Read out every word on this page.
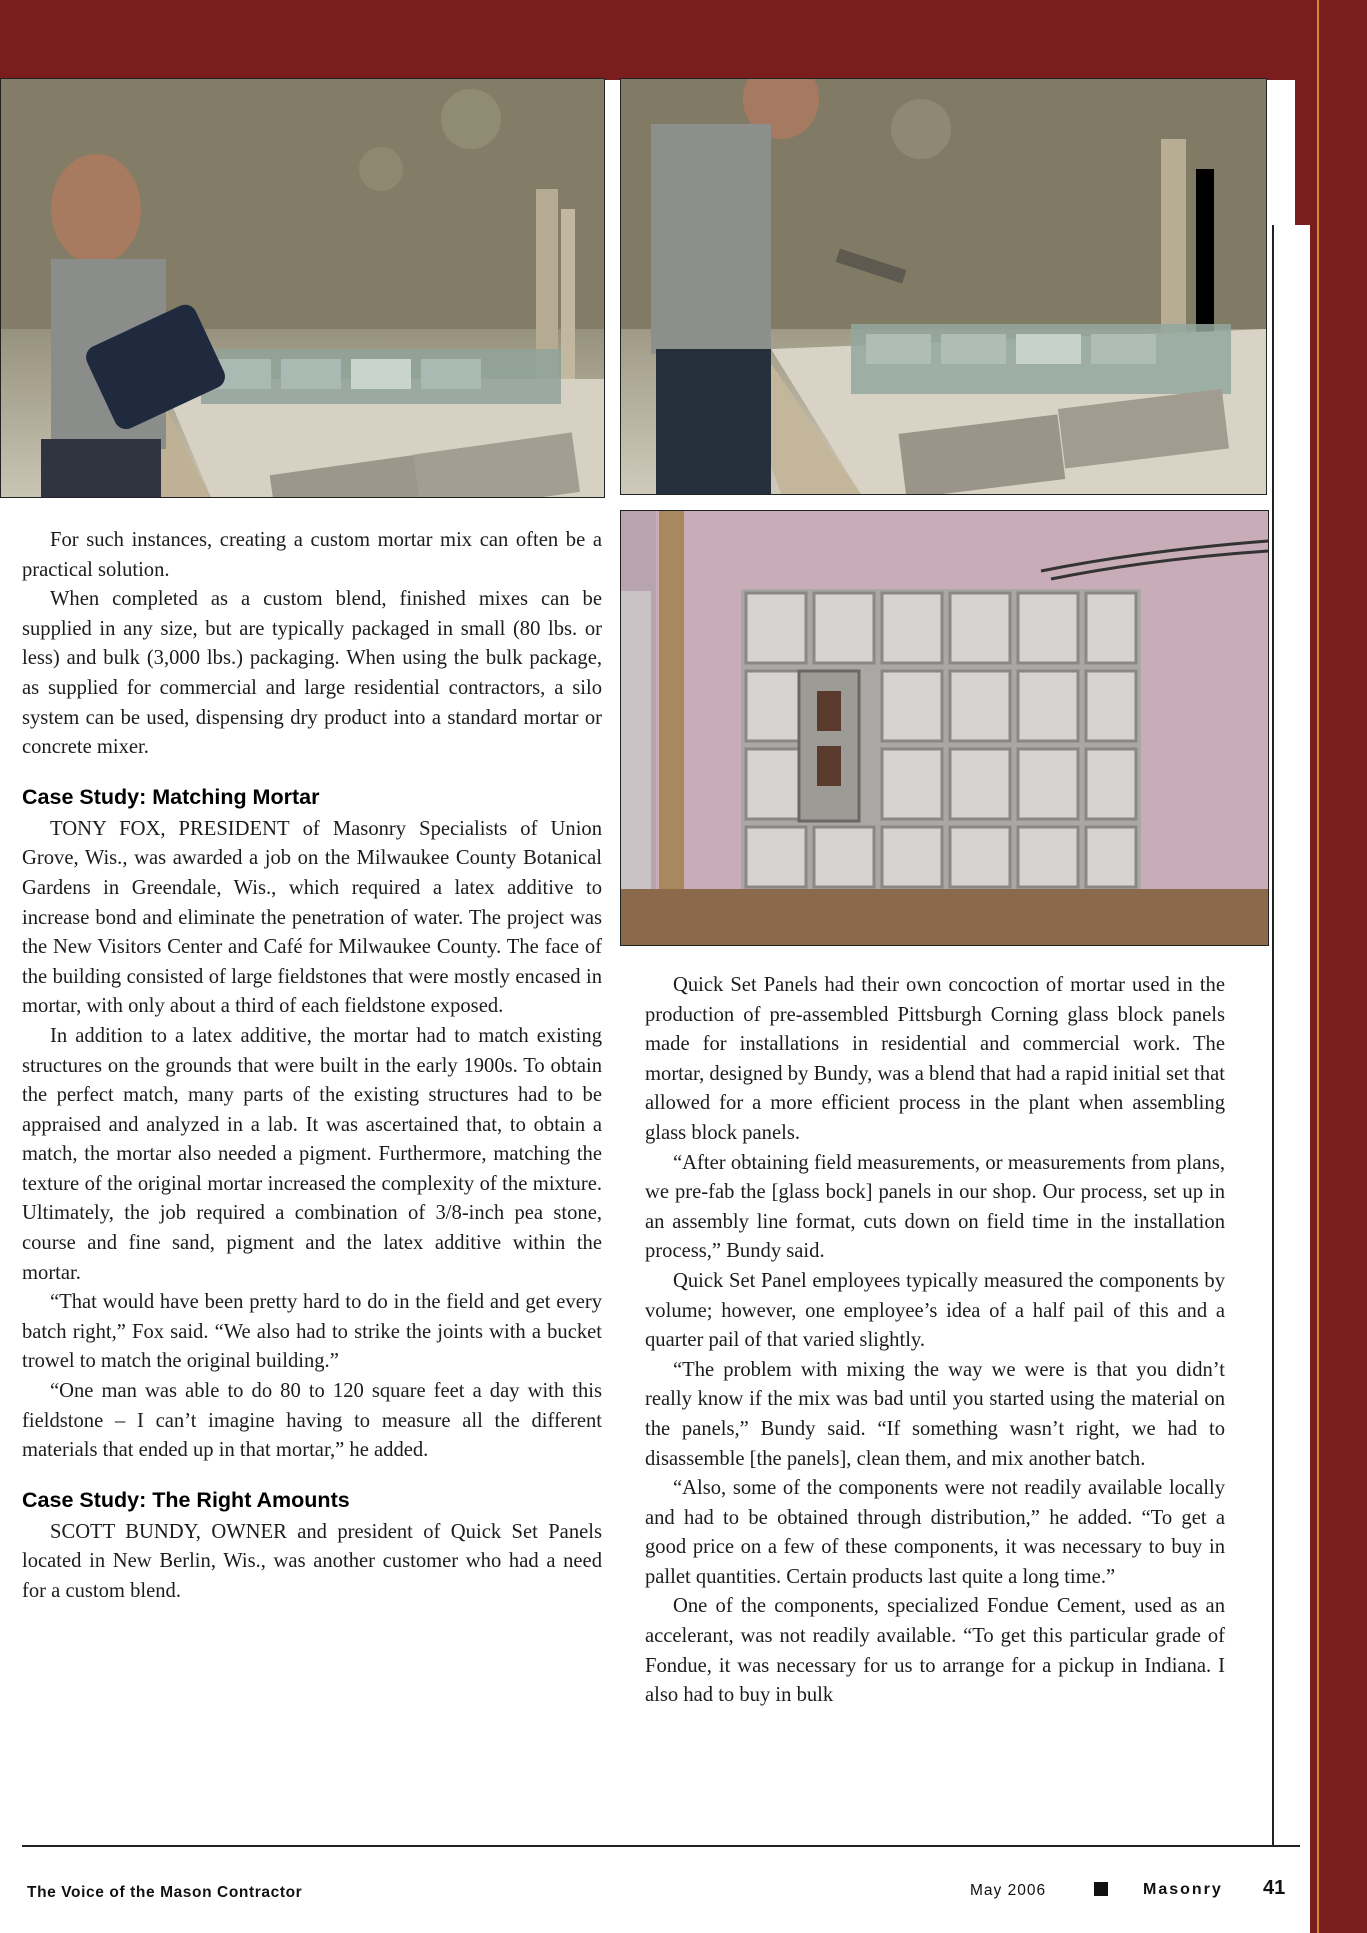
For such instances, creating a custom mortar mix can often be a practical solution.

When completed as a custom blend, finished mixes can be supplied in any size, but are typically packaged in small (80 lbs. or less) and bulk (3,000 lbs.) packaging. When using the bulk package, as supplied for commercial and large residential contractors, a silo system can be used, dispensing dry product into a standard mortar or concrete mixer.

Case Study: Matching Mortar

TONY FOX, PRESIDENT of Masonry Specialists of Union Grove, Wis., was awarded a job on the Milwaukee County Botanical Gardens in Greendale, Wis., which required a latex additive to increase bond and eliminate the penetration of water. The project was the New Visitors Center and Café for Milwaukee County. The face of the building consisted of large fieldstones that were mostly encased in mortar, with only about a third of each fieldstone exposed.

In addition to a latex additive, the mortar had to match existing structures on the grounds that were built in the early 1900s. To obtain the perfect match, many parts of the existing structures had to be appraised and analyzed in a lab. It was ascertained that, to obtain a match, the mortar also needed a pigment. Furthermore, matching the texture of the original mortar increased the complexity of the mixture. Ultimately, the job required a combination of 3/8-inch pea stone, course and fine sand, pigment and the latex additive within the mortar.

“That would have been pretty hard to do in the field and get every batch right,” Fox said. “We also had to strike the joints with a bucket trowel to match the original building.”

“One man was able to do 80 to 120 square feet a day with this fieldstone – I can’t imagine having to measure all the different materials that ended up in that mortar,” he added.

Case Study: The Right Amounts

SCOTT BUNDY, OWNER and president of Quick Set Panels located in New Berlin, Wis., was another customer who had a need for a custom blend.

Quick Set Panels had their own concoction of mortar used in the production of pre-assembled Pittsburgh Corning glass block panels made for installations in residential and commercial work. The mortar, designed by Bundy, was a blend that had a rapid initial set that allowed for a more efficient process in the plant when assembling glass block panels.

“After obtaining field measurements, or measurements from plans, we pre-fab the [glass bock] panels in our shop. Our process, set up in an assembly line format, cuts down on field time in the installation process,” Bundy said.

Quick Set Panel employees typically measured the components by volume; however, one employee’s idea of a half pail of this and a quarter pail of that varied slightly.

“The problem with mixing the way we were is that you didn’t really know if the mix was bad until you started using the material on the panels,” Bundy said. “If something wasn’t right, we had to disassemble [the panels], clean them, and mix another batch.

“Also, some of the components were not readily available locally and had to be obtained through distribution,” he added. “To get a good price on a few of these components, it was necessary to buy in pallet quantities. Certain products last quite a long time.”

One of the components, specialized Fondue Cement, used as an accelerant, was not readily available. “To get this particular grade of Fondue, it was necessary for us to arrange for a pickup in Indiana. I also had to buy in bulk

The Voice of the Mason Contractor	May 2006	Masonry 41
